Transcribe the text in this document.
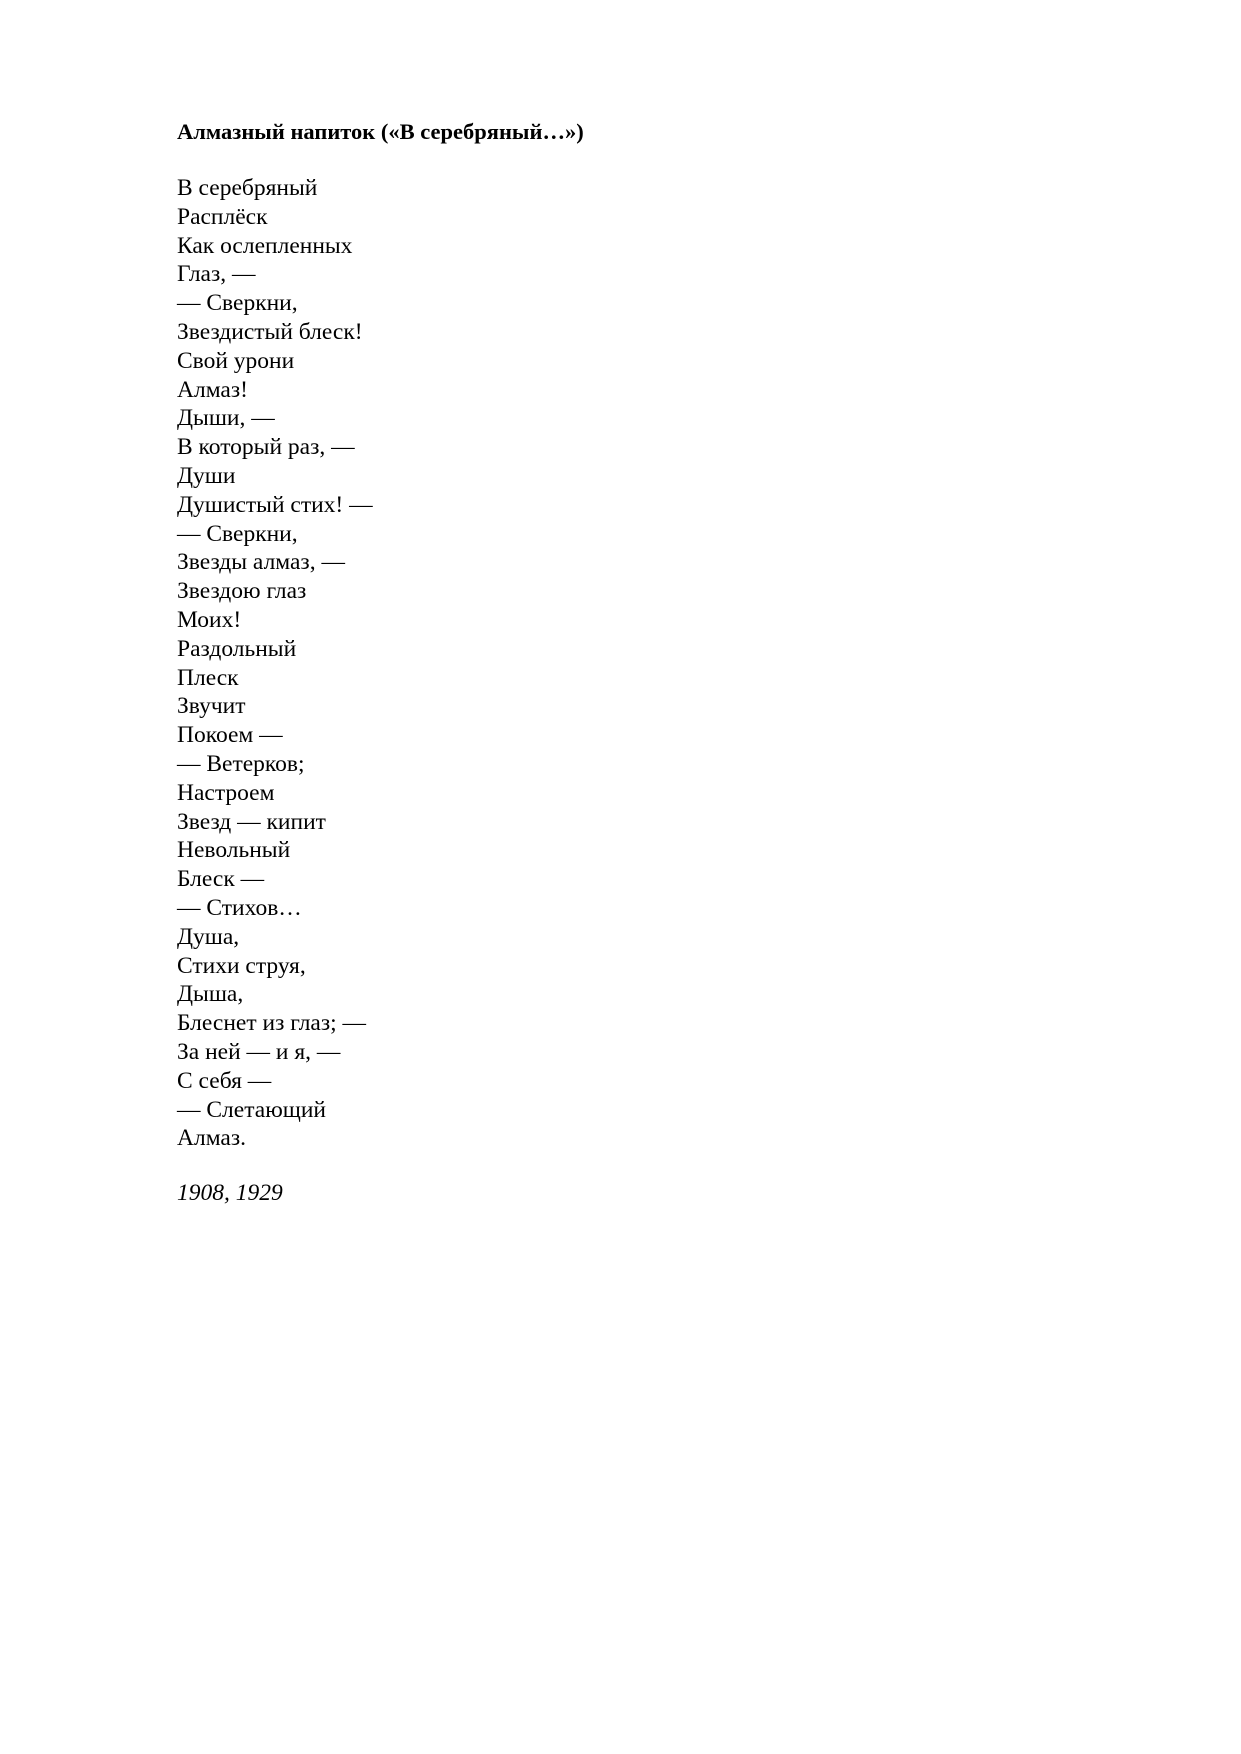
Алмазный напиток («В серебряный…»)
В серебряный
Расплёск
Как ослепленных
Глаз, —
— Сверкни,
Звездистый блеск!
Свой урони
Алмаз!
Дыши, —
В который раз, —
Души
Душистый стих! —
— Сверкни,
Звезды алмаз, —
Звездою глаз
Моих!
Раздольный
Плеск
Звучит
Покоем —
— Ветерков;
Настроем
Звезд — кипит
Невольный
Блеск —
— Стихов…
Душа,
Стихи струя,
Дыша,
Блеснет из глаз; —
За ней — и я, —
С себя —
— Слетающий
Алмаз.
1908, 1929
